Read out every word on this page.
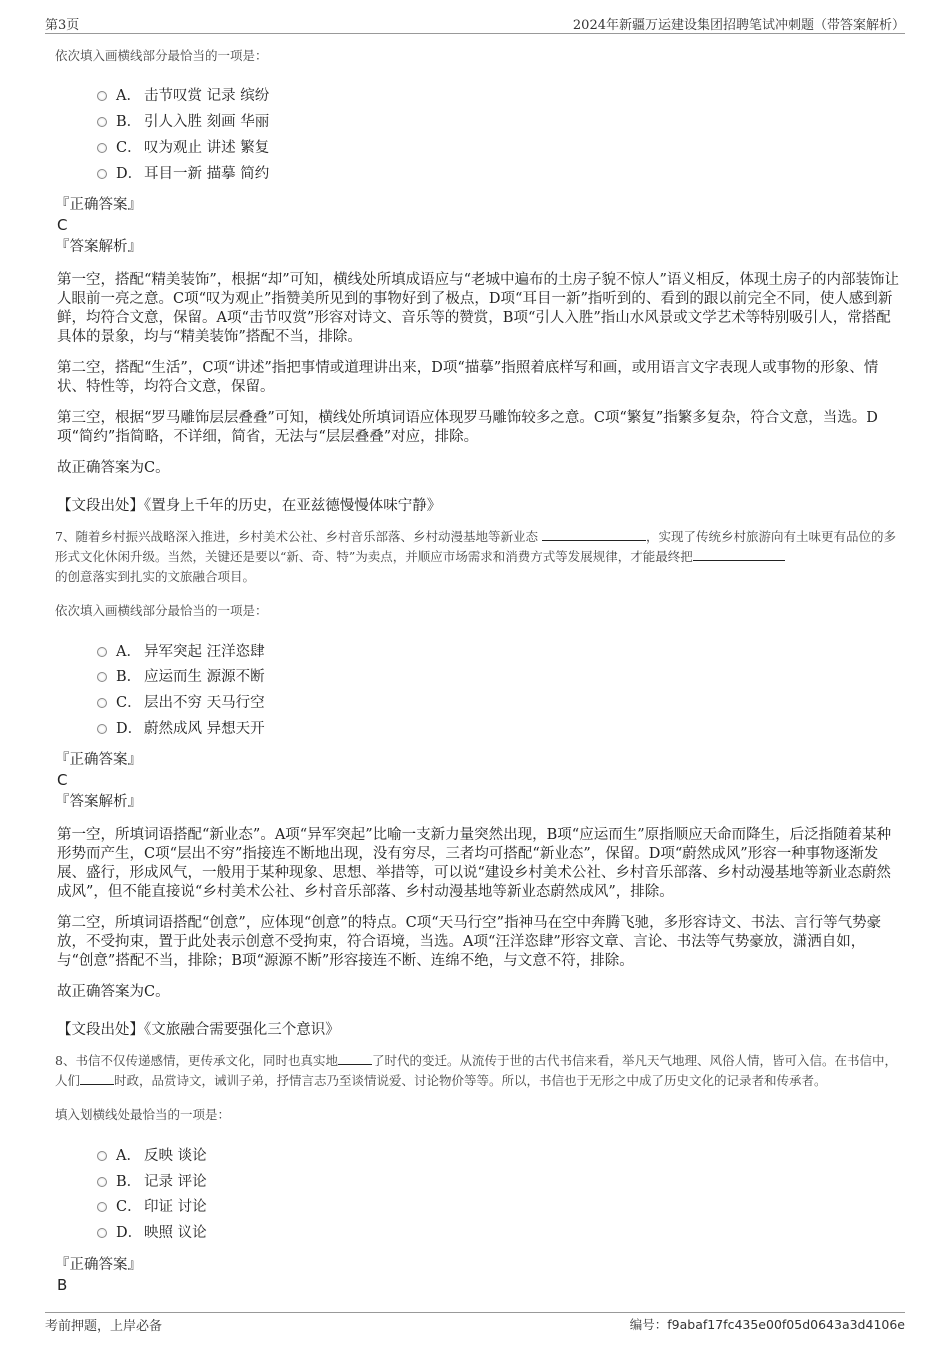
第3页	2024年新疆万运建设集团招聘笔试冲刺题（带答案解析）
依次填入画横线部分最恰当的一项是：
A． 击节叹赏 记录 缤纷
B． 引人入胜 刻画 华丽
C． 叹为观止 讲述 繁复
D． 耳目一新 描摹 简约
『正确答案』
C
『答案解析』
第一空，搭配“精美装饰”，根据“却”可知，横线处所填成语应与“老城中遍布的土房子貌不惊人”语义相反，体现土房子的内部装饰让人眼前一亮之意。C项“叹为观止”指赞美所见到的事物好到了极点，D项“耳目一新”指听到的、看到的跟以前完全不同，使人感到新鲜，均符合文意，保留。A项“击节叹赏”形容对诗文、音乐等的赞赏，B项“引人入胜”指山水风景或文学艺术等特别吸引人，常搭配具体的景象，均与“精美装饰”搭配不当，排除。
第二空，搭配“生活”，C项“讲述”指把事情或道理讲出来，D项“描摹”指照着底样写和画，或用语言文字表现人或事物的形象、情状、特性等，均符合文意，保留。
第三空，根据“罗马雕饰层层叠叠”可知，横线处所填词语应体现罗马雕饰较多之意。C项“繁复”指繁多复杂，符合文意，当选。D项“简约”指简略，不详细，简省，无法与“层层叠叠”对应，排除。
故正确答案为C。
【文段出处】《置身上千年的历史，在亚兹德慢慢体味宁静》
7、随着乡村振兴战略深入推进，乡村美术公社、乡村音乐部落、乡村动漫基地等新业态	，实现了传统乡村旅游向有土味更有品位的多形式文化休闲升级。当然，关键还是要以“新、奇、特”为卖点，并顺应市场需求和消费方式等发展规律，才能最终把
的创意落实到扎实的文旅融合项目。
依次填入画横线部分最恰当的一项是：
A． 异军突起 汪洋恣肆
B． 应运而生 源源不断
C． 层出不穷 天马行空
D． 蔚然成风 异想天开
『正确答案』
C
『答案解析』
第一空，所填词语搭配“新业态”。A项“异军突起”比喻一支新力量突然出现，B项“应运而生”原指顺应天命而降生，后泛指随着某种形势而产生，C项“层出不穷”指接连不断地出现，没有穷尽，三者均可搭配“新业态”，保留。D项“蔚然成风”形容一种事物逐渐发展、盛行，形成风气，一般用于某种现象、思想、举措等，可以说“建设乡村美术公社、乡村音乐部落、乡村动漫基地等新业态蔚然成风”，但不能直接说“乡村美术公社、乡村音乐部落、乡村动漫基地等新业态蔚然成风”，排除。
第二空，所填词语搭配“创意”，应体现“创意”的特点。C项“天马行空”指神马在空中奔腾飞驰，多形容诗文、书法、言行等气势豪放，不受拘束，置于此处表示创意不受拘束，符合语境，当选。A项“汪洋恣肆”形容文章、言论、书法等气势豪放，潇洒自如，与“创意”搭配不当，排除；B项“源源不断”形容接连不断、连绵不绝，与文意不符，排除。
故正确答案为C。
【文段出处】《文旅融合需要强化三个意识》
8、书信不仅传递感情，更传承文化，同时也真实地	了时代的变迁。从流传于世的古代书信来看，举凡天气地理、风俗人情，皆可入信。在书信中，人们	时政，品赏诗文，诫训子弟，抒情言志乃至谈情说爱、讨论物价等等。所以，书信也于无形之中成了历史文化的记录者和传承者。
填入划横线处最恰当的一项是：
A． 反映 谈论
B． 记录 评论
C． 印证 讨论
D． 映照 议论
『正确答案』
B
考前押题，上岸必备	编号：f9abaf17fc435e00f05d0643a3d4106e
